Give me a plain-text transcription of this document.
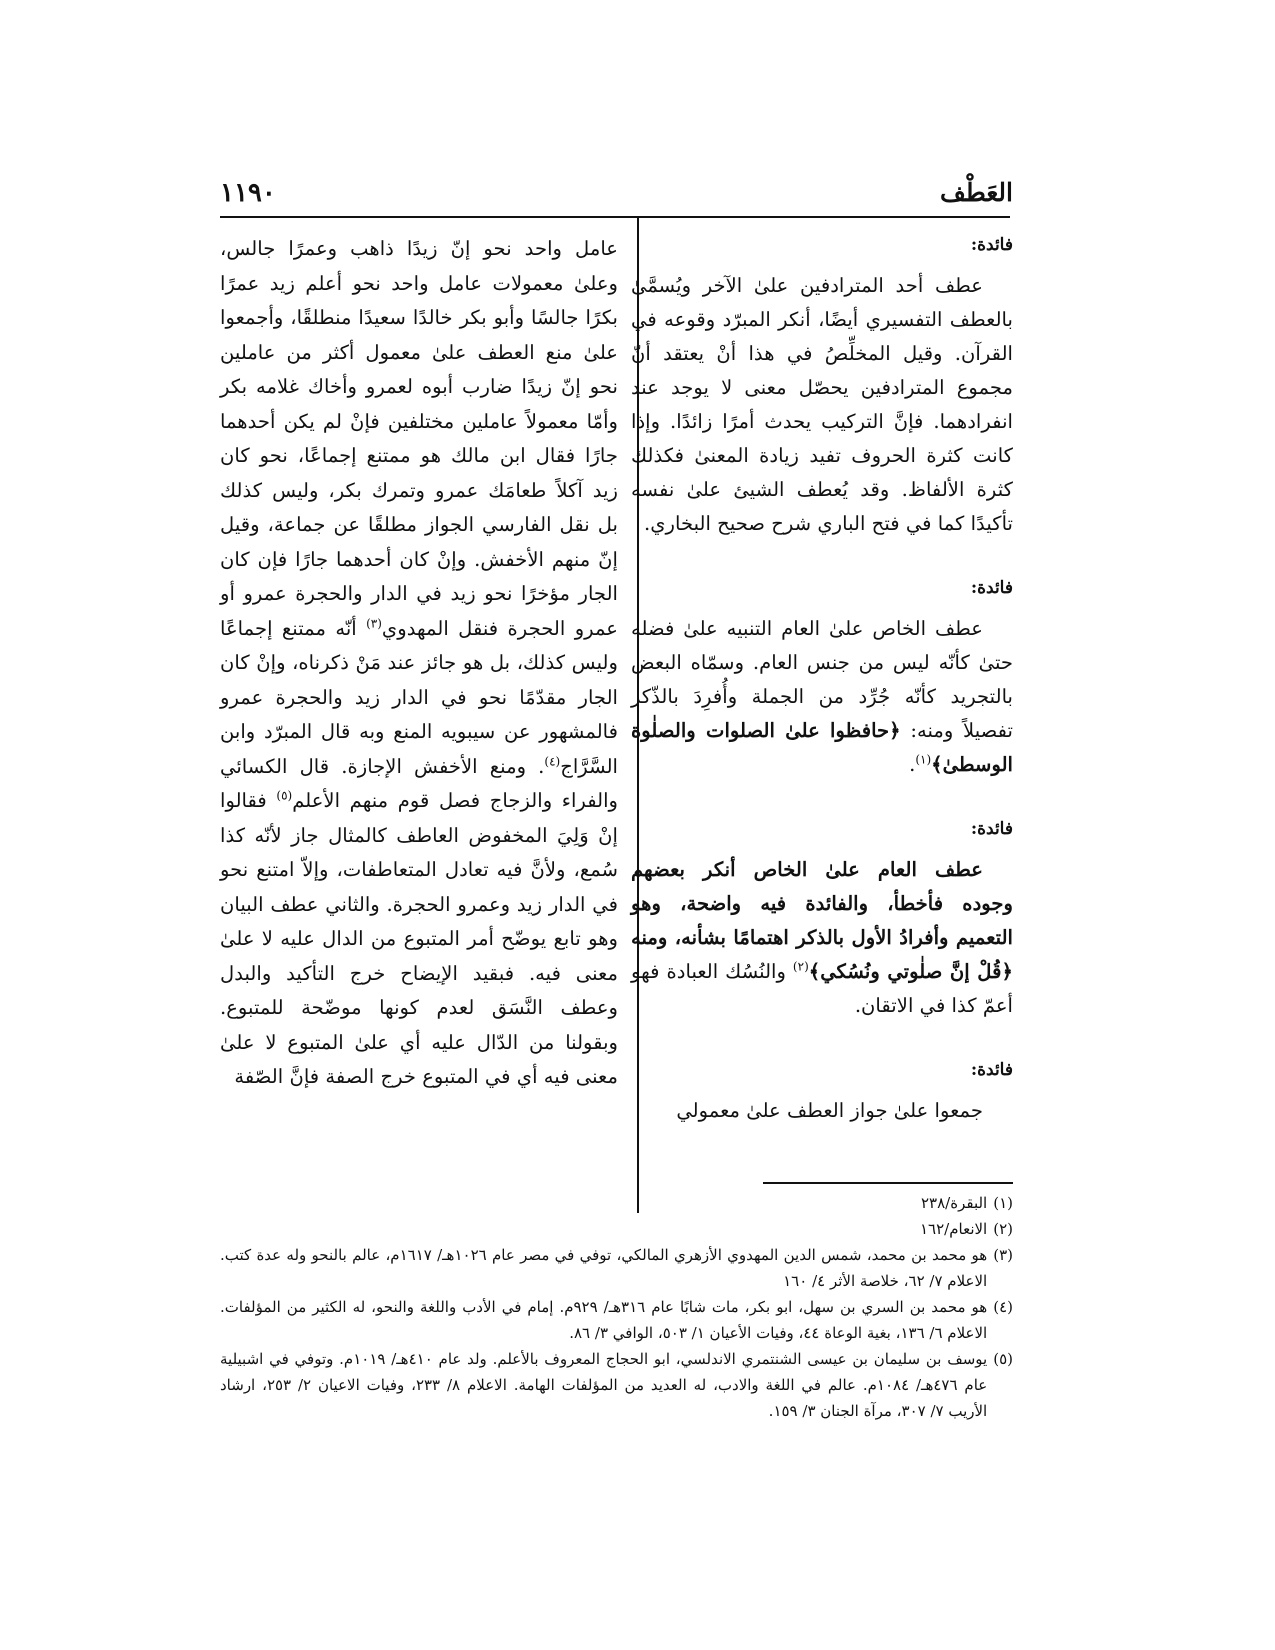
العَطْف
١١٩٠
فائدة:

عطف أحد المترادفين علىٰ الآخر ويُسمَّىٰ بالعطف التفسيري أيضًا، أنكر المبرّد وقوعه في القرآن. وقيل المخلِّصُ في هذا أنْ يعتقد أنّ مجموع المترادفين يحصّل معنى لا يوجد عند انفرادهما. فإنَّ التركيب يحدث أمرًا زائدًا. وإذا كانت كثرة الحروف تفيد زيادة المعنىٰ فكذلك كثرة الألفاظ. وقد يُعطف الشيئ علىٰ نفسه تأكيدًا كما في فتح الباري شرح صحيح البخاري.

فائدة:

عطف الخاص علىٰ العام التنبيه علىٰ فضله حتىٰ كأنّه ليس من جنس العام. وسمّاه البعض بالتجريد كأنّه جُرِّد من الجملة وأُفرِدَ بالذّكر تفصيلاً ومنه: ﴿حافظوا علىٰ الصلوات والصلٰوة الوسطىٰ﴾$^{(١)}$.

فائدة:

عطف العام علىٰ الخاص أنكر بعضهم وجوده فأخطأ، والفائدة فيه واضحة، وهو التعميم وأفرادُ الأول بالذكر اهتمامًا بشأنه، ومنه ﴿قُلْ إنَّ صلٰوتي ونُسُكي﴾$^{(٢)}$ والنُسُك العبادة فهو أعمّ كذا في الاتقان.

فائدة:

جمعوا علىٰ جواز العطف علىٰ معمولي

عامل واحد نحو إنّ زيدًا ذاهب وعمرًا جالس، وعلىٰ معمولات عامل واحد نحو أعلم زيد عمرًا بكرًا جالسًا وأبو بكر خالدًا سعيدًا منطلقًا، وأجمعوا علىٰ منع العطف علىٰ معمول أكثر من عاملين نحو إنّ زيدًا ضارب أبوه لعمرو وأخاك غلامه بكر وأمّا معمولاً عاملين مختلفين فإنْ لم يكن أحدهما جارًا فقال ابن مالك هو ممتنع إجماعًا، نحو كان زيد آكلاً طعامَك عمرو وتمرك بكر، وليس كذلك بل نقل الفارسي الجواز مطلقًا عن جماعة، وقيل إنّ منهم الأخفش. وإنْ كان أحدهما جارًا فإن كان الجار مؤخرًا نحو زيد في الدار والحجرة عمرو أو عمرو الحجرة فنقل المهدوي$^{(٣)}$ أنّه ممتنع إجماعًا وليس كذلك، بل هو جائز عند مَنْ ذكرناه، وإنْ كان الجار مقدّمًا نحو في الدار زيد والحجرة عمرو فالمشهور عن سيبويه المنع وبه قال المبرّد وابن السَّرَّاج$^{(٤)}$. ومنع الأخفش الإجازة. قال الكسائي والفراء والزجاج فصل قوم منهم الأعلم$^{(٥)}$ فقالوا إنْ وَلِيَ المخفوض العاطف كالمثال جاز لأنّه كذا سُمع، ولأنَّ فيه تعادل المتعاطفات، وإلاّ امتنع نحو في الدار زيد وعمرو الحجرة. والثاني عطف البيان وهو تابع يوضّح أمر المتبوع من الدال عليه لا علىٰ معنى فيه. فبقيد الإيضاح خرج التأكيد والبدل وعطف النَّسَق لعدم كونها موضّحة للمتبوع. وبقولنا من الدّال عليه أي علىٰ المتبوع لا علىٰ معنى فيه أي في المتبوع خرج الصفة فإنَّ الصّفة

(١)
البقرة/٢٣٨
(٢)
الانعام/١٦٢
(٣)
هو محمد بن محمد، شمس الدين المهدوي الأزهري المالكي، توفي في مصر عام ١٠٢٦هـ/ ١٦١٧م، عالم بالنحو وله عدة كتب. الاعلام ٧/ ٦٢، خلاصة الأثر ٤/ ١٦٠
(٤)
هو محمد بن السري بن سهل، ابو بكر، مات شابًا عام ٣١٦هـ/ ٩٢٩م. إمام في الأدب واللغة والنحو، له الكثير من المؤلفات. الاعلام ٦/ ١٣٦، بغية الوعاة ٤٤، وفيات الأعيان ١/ ٥٠٣، الوافي ٣/ ٨٦.
(٥)
يوسف بن سليمان بن عيسى الشنتمري الاندلسي، ابو الحجاج المعروف بالأعلم. ولد عام ٤١٠هـ/ ١٠١٩م. وتوفي في اشبيلية عام ٤٧٦هـ/ ١٠٨٤م. عالم في اللغة والادب، له العديد من المؤلفات الهامة. الاعلام ٨/ ٢٣٣، وفيات الاعيان ٢/ ٢٥٣، ارشاد الأريب ٧/ ٣٠٧، مرآة الجنان ٣/ ١٥٩.
